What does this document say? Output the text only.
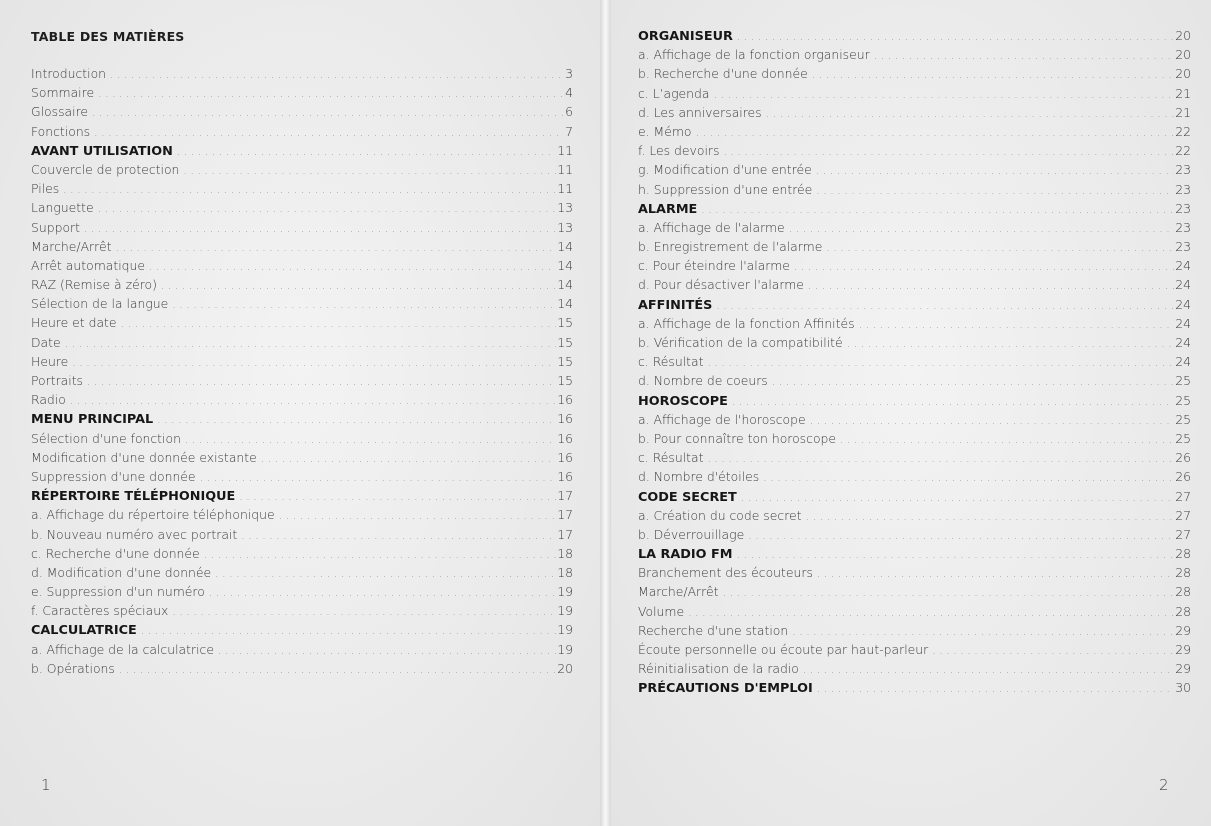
TABLE DES MATIÈRES
Introduction . . .	3
Sommaire . . .	4
Glossaire . . .	6
Fonctions . . .	7
AVANT UTILISATION . . .	11
Couvercle de protection . . .	11
Piles . . .	11
Languette . . .	13
Support . . .	13
Marche/Arrêt . . .	14
Arrêt automatique . . .	14
RAZ (Remise à zéro) . . .	14
Sélection de la langue . . .	14
Heure et date . . .	15
Date . . .	15
Heure . . .	15
Portraits . . .	15
Radio . . .	16
MENU PRINCIPAL . . .	16
Sélection d'une fonction . . .	16
Modification d'une donnée existante . . .	16
Suppression d'une donnée . . .	16
RÉPERTOIRE TÉLÉPHONIQUE . . .	17
a. Affichage du répertoire téléphonique . . .	17
b. Nouveau numéro avec portrait . . .	17
c. Recherche d'une donnée . . .	18
d. Modification d'une donnée . . .	18
e. Suppression d'un numéro . . .	19
f. Caractères spéciaux . . .	19
CALCULATRICE . . .	19
a. Affichage de la calculatrice . . .	19
b. Opérations . . .	20
1
ORGANISEUR . . .	20
a. Affichage de la fonction organiseur . . .	20
b. Recherche d'une donnée . . .	20
c. L’agenda . . .	21
d. Les anniversaires . . .	21
e. Mémo . . .	22
f. Les devoirs . . .	22
g. Modification d'une entrée . . .	23
h. Suppression d'une entrée . . .	23
ALARME . . .	23
a. Affichage de l'alarme . . .	23
b. Enregistrement de l'alarme . . .	23
c. Pour éteindre l'alarme . . .	24
d. Pour désactiver l'alarme . . .	24
AFFINITÉS . . .	24
a. Affichage de la fonction Affinités . . .	24
b. Vérification de la compatibilité . . .	24
c. Résultat . . .	24
d. Nombre de coeurs . . .	25
HOROSCOPE . . .	25
a. Affichage de l'horoscope . . .	25
b. Pour connaître ton horoscope . . .	25
c. Résultat . . .	26
d. Nombre d'étoiles . . .	26
CODE SECRET . . .	27
a. Création du code secret . . .	27
b. Déverrouillage . . .	27
LA RADIO FM . . .	28
Branchement des écouteurs . . .	28
Marche/Arrêt . . .	28
Volume . . .	28
Recherche d'une station . . .	29
Écoute personnelle ou écoute par haut-parleur . . .	29
Réinitialisation de la radio . . .	29
PRÉCAUTIONS D'EMPLOI . . .	30
2
